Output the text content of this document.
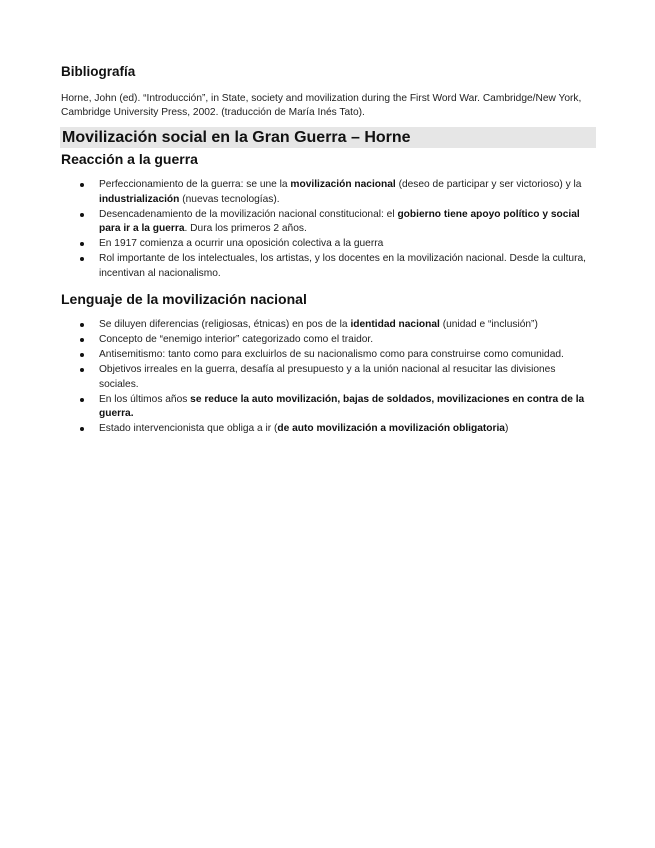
Bibliografía

Horne, John (ed). “Introducción”, in State, society and movilization during the First Word War. Cambridge/New York, Cambridge University Press, 2002. (traducción de María Inés Tato).

Movilización social en la Gran Guerra – Horne
Reacción a la guerra
Perfeccionamiento de la guerra: se une la movilización nacional (deseo de participar y ser victorioso) y la industrialización (nuevas tecnologías).
Desencadenamiento de la movilización nacional constitucional: el gobierno tiene apoyo político y social para ir a la guerra. Dura los primeros 2 años.
En 1917 comienza a ocurrir una oposición colectiva a la guerra
Rol importante de los intelectuales, los artistas, y los docentes en la movilización nacional. Desde la cultura, incentivan al nacionalismo.
Lenguaje de la movilización nacional
Se diluyen diferencias (religiosas, étnicas) en pos de la identidad nacional (unidad e “inclusión”)
Concepto de “enemigo interior” categorizado como el traidor.
Antisemitismo: tanto como para excluirlos de su nacionalismo como para construirse como comunidad.
Objetivos irreales en la guerra, desafía al presupuesto y a la unión nacional al resucitar las divisiones sociales.
En los últimos años se reduce la auto movilización, bajas de soldados, movilizaciones en contra de la guerra.
Estado intervencionista que obliga a ir (de auto movilización a movilización obligatoria)
